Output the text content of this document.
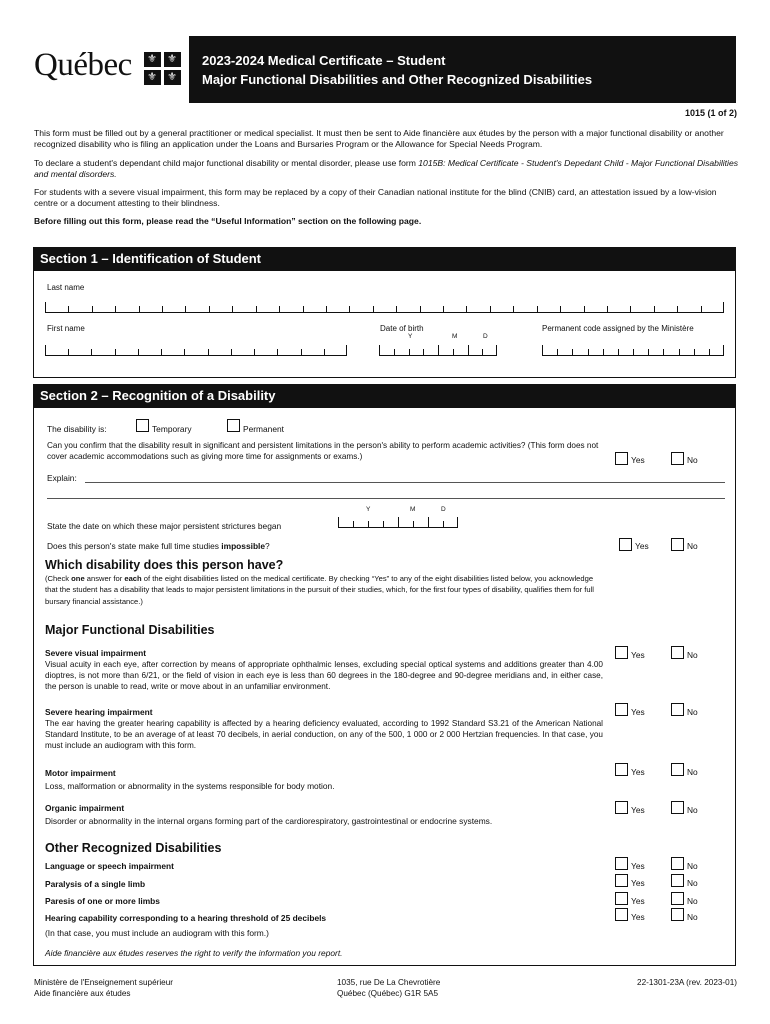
Québec ⚜ ⚜
⚜ ⚜
2023-2024 Medical Certificate – Student
Major Functional Disabilities and Other Recognized Disabilities
1015 (1 of 2)
This form must be filled out by a general practitioner or medical specialist. It must then be sent to Aide financière aux études by the person with a major functional disability or another recognized disability who is filing an application under the Loans and Bursaries Program or the Allowance for Special Needs Program.
To declare a student's dependant child major functional disability or mental disorder, please use form 1015B: Medical Certificate - Student's Depedant Child - Major Functional Disabilities and mental disorders.
For students with a severe visual impairment, this form may be replaced by a copy of their Canadian national institute for the blind (CNIB) card, an attestation issued by a low-vision centre or a document attesting to their blindness.
Before filling out this form, please read the “Useful Information” section on the following page.
Section 1 – Identification of Student
Last name
First name	Date of birth
Y	M	D
Permanent code assigned by the Ministère
Section 2 – Recognition of a Disability
The disability is:	Temporary	Permanent
Can you confirm that the disability result in significant and persistent limitations in the person's ability to perform academic activities? (This form does not cover academic accommodations such as giving more time for assignments or exams.)	Yes	No
Explain:
Y	M	D
State the date on which these major persistent strictures began
Does this person's state make full time studies impossible?	Yes	No
Which disability does this person have?
(Check one answer for each of the eight disabilities listed on the medical certificate. By checking “Yes” to any of the eight disabilities listed below, you acknowledge that the student has a disability that leads to major persistent limitations in the pursuit of their studies, which, for the first four types of disability, qualifies them for full bursary financial assistance.)
Major Functional Disabilities
Severe visual impairment
Visual acuity in each eye, after correction by means of appropriate ophthalmic lenses, excluding special optical systems and additions greater than 4.00 dioptres, is not more than 6/21, or the field of vision in each eye is less than 60 degrees in the 180-degree and 90-degree meridians and, in either case, the person is unable to read, write or move about in an unfamiliar environment.
Yes	No
Severe hearing impairment
The ear having the greater hearing capability is affected by a hearing deficiency evaluated, according to 1992 Standard S3.21 of the American National Standard Institute, to be an average of at least 70 decibels, in aerial conduction, on any of the 500, 1 000 or 2 000 Hertzian frequencies. In that case, you must include an audiogram with this form.
Yes	No
Motor impairment
Loss, malformation or abnormality in the systems responsible for body motion.
Yes	No
Organic impairment
Disorder or abnormality in the internal organs forming part of the cardiorespiratory, gastrointestinal or endocrine systems.
Yes	No
Other Recognized Disabilities
Language or speech impairment	Yes	No
Paralysis of a single limb	Yes	No
Paresis of one or more limbs	Yes	No
Hearing capability corresponding to a hearing threshold of 25 decibels
(In that case, you must include an audiogram with this form.)
Yes	No
Aide financière aux études reserves the right to verify the information you report.
Ministère de l'Enseignement supérieur
Aide financière aux études
1035, rue De La Chevrotière
Québec (Québec) G1R 5A5
22-1301-23A (rev. 2023-01)
